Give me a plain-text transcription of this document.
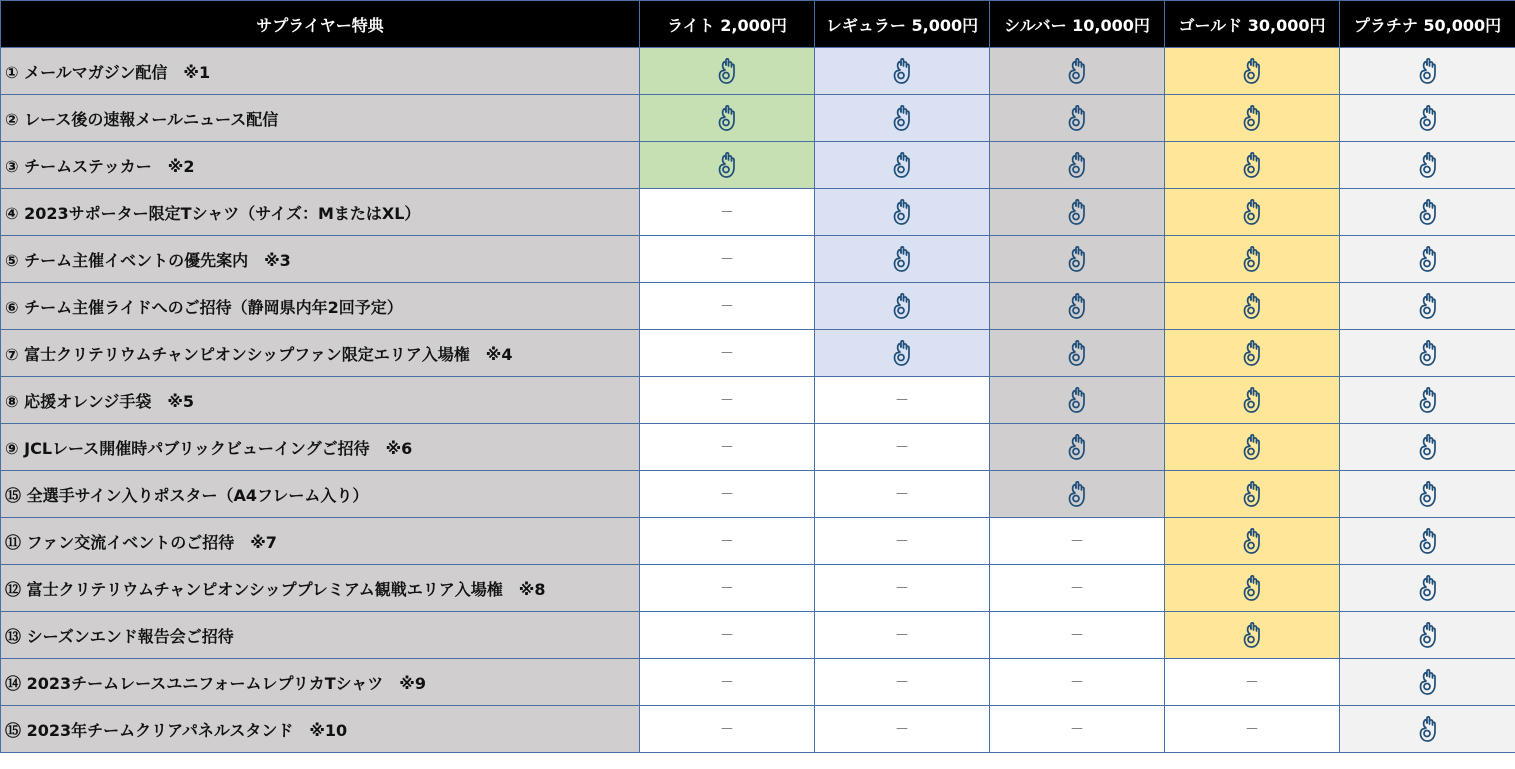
サプライヤー特典	ライト 2,000円	レギュラー 5,000円	シルバー 10,000円	ゴールド 30,000円	プラチナ 50,000円
① メールマガジン配信　※1					
② レース後の速報メールニュース配信					
③ チームステッカー　※2					
④ 2023サポーター限定Tシャツ（サイズ：MまたはXL）	－				
⑤ チーム主催イベントの優先案内　※3	－				
⑥ チーム主催ライドへのご招待（静岡県内年2回予定）	－				
⑦ 富士クリテリウムチャンピオンシップファン限定エリア入場権　※4	－				
⑧ 応援オレンジ手袋　※5	－	－			
⑨ JCLレース開催時パブリックビューイングご招待　※6	－	－			
⑮ 全選手サイン入りポスター（A4フレーム入り）	－	－			
⑪ ファン交流イベントのご招待　※7	－	－	－		
⑫ 富士クリテリウムチャンピオンシッププレミアム観戦エリア入場権　※8	－	－	－		
⑬ シーズンエンド報告会ご招待	－	－	－		
⑭ 2023チームレースユニフォームレプリカTシャツ　※9	－	－	－	－	
⑮ 2023年チームクリアパネルスタンド　※10	－	－	－	－	
